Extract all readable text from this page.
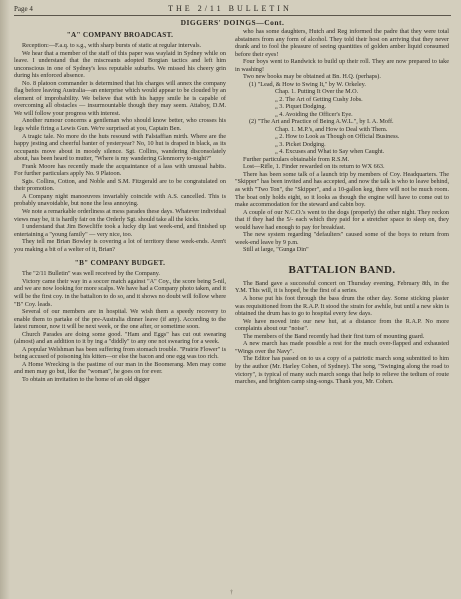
Page 4	THE 2/11 BULLETIN
DIGGERS' DOINGS—Cont.
"A" COMPANY BROADCAST.

Reception:—F.a.q. to s.g., with sharp bursts of static at regular intervals.

We hear that a member of the staff of this paper was waylaid in Sydney while on leave. I understand that the miscreants adopted Borgian tactics and left him unconscious in one of Sydney's less reputable suburbs. We missed his cheery grin during his enforced absence.

No. 8 platoon commander is determined that his charges will annex the company flag before leaving Australia—an enterprise which would appear to be clouded by an element of improbability. We believe that with his happy smile he is capable of overcoming all obstacles — insurmountable though they may seem. Attaboy, D.M. We will follow your progress with interest.

Another rumour concerns a gentleman who should know better, who crosses his legs while firing a Lewis Gun. We're surprised at you, Captain Ben.

A tragic tale. No more do the huts resound with Falstaffian mirth. Where are the happy jesting and cheerful banter of yesteryear? No, 10 hut is draped in black, as its occupants move about in moody silence. Sgt. Collins, wandering disconsolately about, has been heard to mutter, "Where is my wandering Glenmorry to-night?"

Frank Moore has recently made the acquaintance of a lass with unusual habits. For further particulars apply No. 9 Platoon.

Sgts. Collins, Cotton, and Noble and S.M. Fitzgerald are to be congratulated on their promotion.

A Company night manoeuvres invariably coincide with A.S. cancelled. This is probably unavoidable, but none the less annoying.

We note a remarkable orderliness at mess parades these days. Whatever individual views may be, it is hardly fair on the Orderly Sgt. should take all the kicks.

I understand that Jim Bowcliffe took a lucky dip last week-end, and finished up entertaining a "young family" — very nice, too.

They tell me Brian Bowley is covering a lot of territory these week-ends. Aren't you making a bit of a welter of it, Brian?

"B" COMPANY BUDGET.

The "2/11 Bulletin" was well received by the Company.

Victory came their way in a soccer match against "A" Coy., the score being 5-nil, and we are now looking for more scalps. We have had a Company photo taken, and it will be the first coy. in the battalion to do so, and it shows no doubt will follow where "B" Coy. leads.

Several of our members are in hospital. We wish them a speedy recovery to enable them to partake of the pre-Australia dinner leave (if any). According to the latest rumour, now it will be next week, or the one after, or sometime soon.

Church Parades are doing some good. "Ham and Eggs" has cut out swearing (almost) and an addition to it by ing a "diddly" to any one not swearing for a week.

A popular Welshman has been suffering from stomach trouble. "Prairie Flower" is being accused of poisoning his kitten—or else the bacon and one egg was too rich.

A Home Wrecking is the pastime of our man in the Boomerang. Men may come and men may go but, like the "woman", he goes on for ever.

To obtain an invitation to the home of an old digger

who has some daughters, Hutch and Reg informed the padre that they were total abstainers from any form of alcohol. They told their host on arriving that they never drank and to fool the pleasure of seeing quantities of golden amber liquid consumed before their eyes!

Four boys went to Randwick to build up their roll. They are now prepared to take in washing!

Two new books may be obtained at Bn. H.Q. (perhaps).

(1) "Lead, & How to Swing It," by W. Orkeley.

Chap. 1. Putting It Over the M.O.

„ 2. The Art of Getting Cushy Jobs.

„ 3. Piquet Dodging.

„ 4. Avoiding the Officer's Eye.

(2) "The Art and Practice of Being A.W.L.", by I. A. Moff.

Chap. 1. M.P.'s, and How to Deal with Them.

„ 2. How to Look as Though on Official Business.

„ 3. Picket Dodging.

„ 4. Excuses and What to Say when Caught.

Further particulars obtainable from R.S.M.

Lost—Rifle, 1. Finder rewarded on its return to WX 663.

There has been some talk of a launch trip by members of Coy. Headquarters. The "Skipper" has been invited and has accepted, and now the talk is who to leave behind, as with "Two Ton", the "Skipper", and a 10-gallon keg, there will not be much room. The boat only holds eight, so it looks as though the engine will have to come out to make accommodation for the steward and cabin boy.

A couple of our N.C.O.'s went to the dogs (properly) the other night. They reckon that if they had the 5/- each which they paid for a stretcher space to sleep on, they would have had enough to pay for breakfast.

The new system regarding "defaulters" caused some of the boys to return from week-end leave by 9 p.m.

Still at large, "Gunga Din"

BATTALION BAND.

The Band gave a successful concert on Thursday evening, February 8th, in the Y.M. This will, it is hoped, be the first of a series.

A horse put his foot through the bass drum the other day. Some sticking plaster was requisitioned from the R.A.P. It stood the strain for awhile, but until a new skin is obtained the drum has to go to hospital every few days.

We have moved into our new hut, at a distance from the R.A.P. No more complaints about our "noise".

The members of the Band recently had their first turn of mounting guard.

A new march has made possible a rest for the much over-flapped and exhausted "Wings over the Navy".

The Editor has passed on to us a copy of a patriotic march song submitted to him by the author (Mr. Harley Cohen, of Sydney). The song, "Swinging along the road to victory", is typical of many such march songs that help to relieve the tedium of route marches, and brighten camp sing-songs. Thank you, Mr. Cohen.

†
